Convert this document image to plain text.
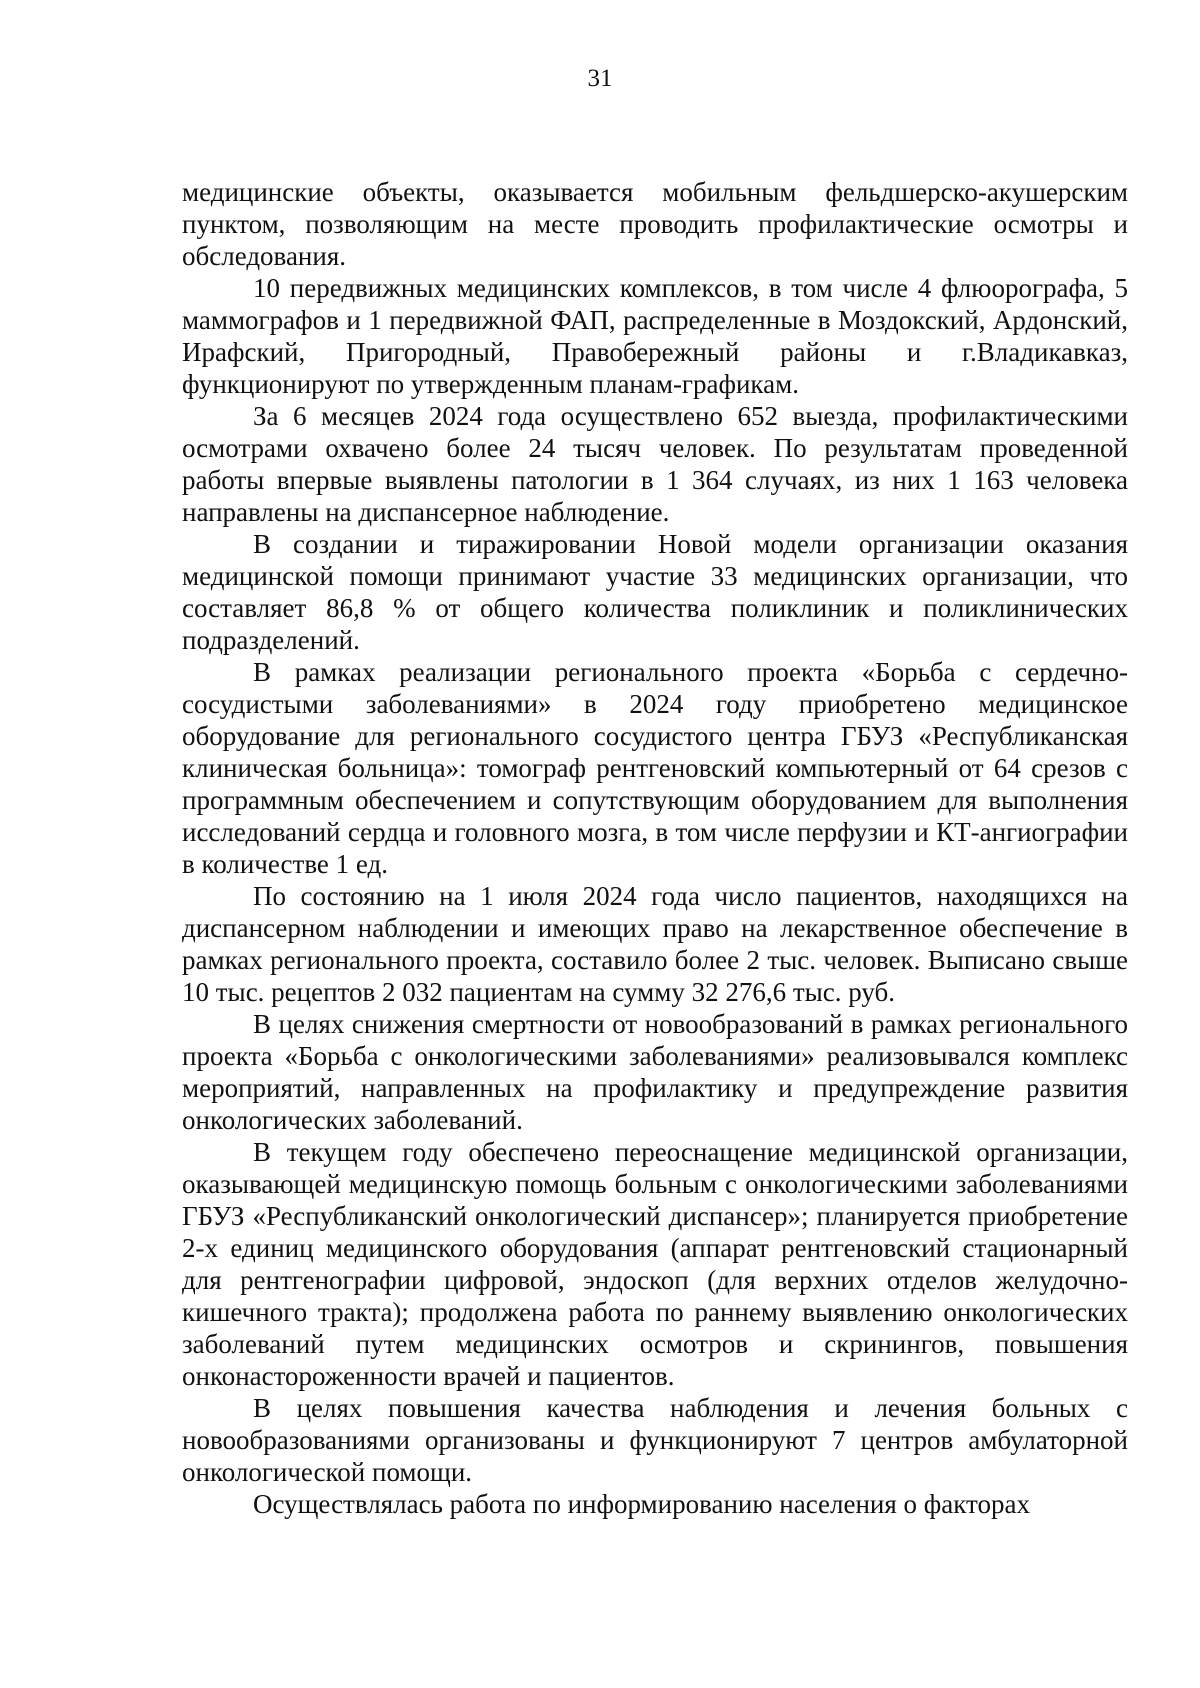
31

медицинские объекты, оказывается мобильным фельдшерско-акушерским пунктом, позволяющим на месте проводить профилактические осмотры и обследования.

10 передвижных медицинских комплексов, в том числе 4 флюорографа, 5 маммографов и 1 передвижной ФАП, распределенные в Моздокский, Ардонский, Ирафский, Пригородный, Правобережный районы и г.Владикавказ, функционируют по утвержденным планам-графикам.

За 6 месяцев 2024 года осуществлено 652 выезда, профилактическими осмотрами охвачено более 24 тысяч человек. По результатам проведенной работы впервые выявлены патологии в 1 364 случаях, из них 1 163 человека направлены на диспансерное наблюдение.

В создании и тиражировании Новой модели организации оказания медицинской помощи принимают участие 33 медицинских организации, что составляет 86,8 % от общего количества поликлиник и поликлинических подразделений.

В рамках реализации регионального проекта «Борьба с сердечно-сосудистыми заболеваниями» в 2024 году приобретено медицинское оборудование для регионального сосудистого центра ГБУЗ «Республиканская клиническая больница»: томограф рентгеновский компьютерный от 64 срезов с программным обеспечением и сопутствующим оборудованием для выполнения исследований сердца и головного мозга, в том числе перфузии и КТ-ангиографии в количестве 1 ед.

По состоянию на 1 июля 2024 года число пациентов, находящихся на диспансерном наблюдении и имеющих право на лекарственное обеспечение в рамках регионального проекта, составило более 2 тыс. человек. Выписано свыше 10 тыс. рецептов 2 032 пациентам на сумму 32 276,6 тыс. руб.

В целях снижения смертности от новообразований в рамках регионального проекта «Борьба с онкологическими заболеваниями» реализовывался комплекс мероприятий, направленных на профилактику и предупреждение развития онкологических заболеваний.

В текущем году обеспечено переоснащение медицинской организации, оказывающей медицинскую помощь больным с онкологическими заболеваниями ГБУЗ «Республиканский онкологический диспансер»; планируется приобретение 2-х единиц медицинского оборудования (аппарат рентгеновский стационарный для рентгенографии цифровой, эндоскоп (для верхних отделов желудочно-кишечного тракта); продолжена работа по раннему выявлению онкологических заболеваний путем медицинских осмотров и скринингов, повышения онконастороженности врачей и пациентов.

В целях повышения качества наблюдения и лечения больных с новообразованиями организованы и функционируют 7 центров амбулаторной онкологической помощи.

Осуществлялась работа по информированию населения о факторах
